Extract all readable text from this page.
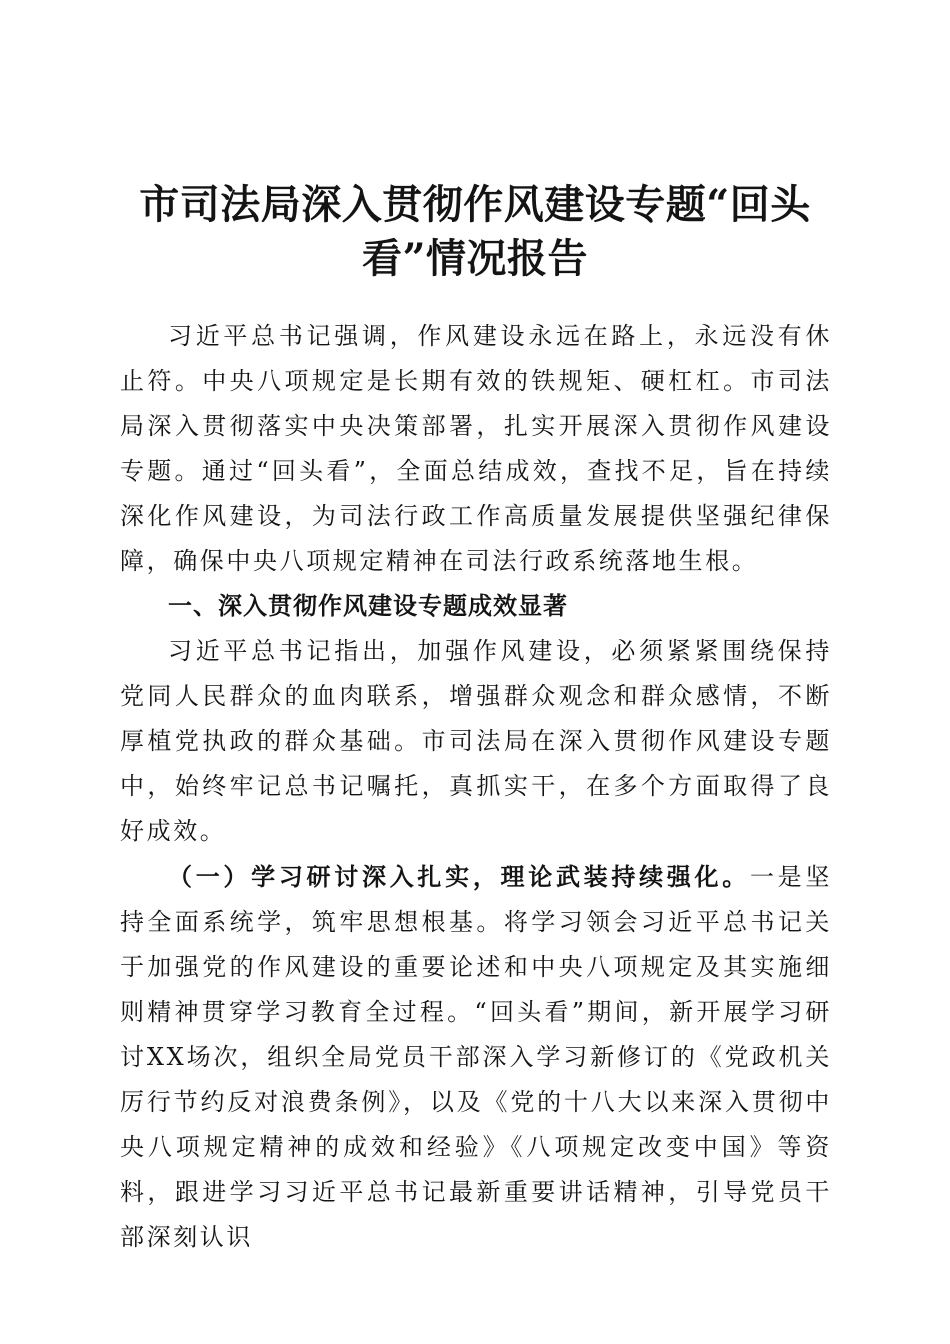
市司法局深入贯彻作风建设专题“回头看”情况报告

习近平总书记强调，作风建设永远在路上，永远没有休止符。中央八项规定是长期有效的铁规矩、硬杠杠。市司法局深入贯彻落实中央决策部署，扎实开展深入贯彻作风建设专题。通过“回头看”，全面总结成效，查找不足，旨在持续深化作风建设，为司法行政工作高质量发展提供坚强纪律保障，确保中央八项规定精神在司法行政系统落地生根。

一、深入贯彻作风建设专题成效显著

习近平总书记指出，加强作风建设，必须紧紧围绕保持党同人民群众的血肉联系，增强群众观念和群众感情，不断厚植党执政的群众基础。市司法局在深入贯彻作风建设专题中，始终牢记总书记嘱托，真抓实干，在多个方面取得了良好成效。

（一）学习研讨深入扎实，理论武装持续强化。一是坚持全面系统学，筑牢思想根基。将学习领会习近平总书记关于加强党的作风建设的重要论述和中央八项规定及其实施细则精神贯穿学习教育全过程。“回头看”期间，新开展学习研讨XX场次，组织全局党员干部深入学习新修订的《党政机关厉行节约反对浪费条例》，以及《党的十八大以来深入贯彻中央八项规定精神的成效和经验》《八项规定改变中国》等资料，跟进学习习近平总书记最新重要讲话精神，引导党员干部深刻认识
